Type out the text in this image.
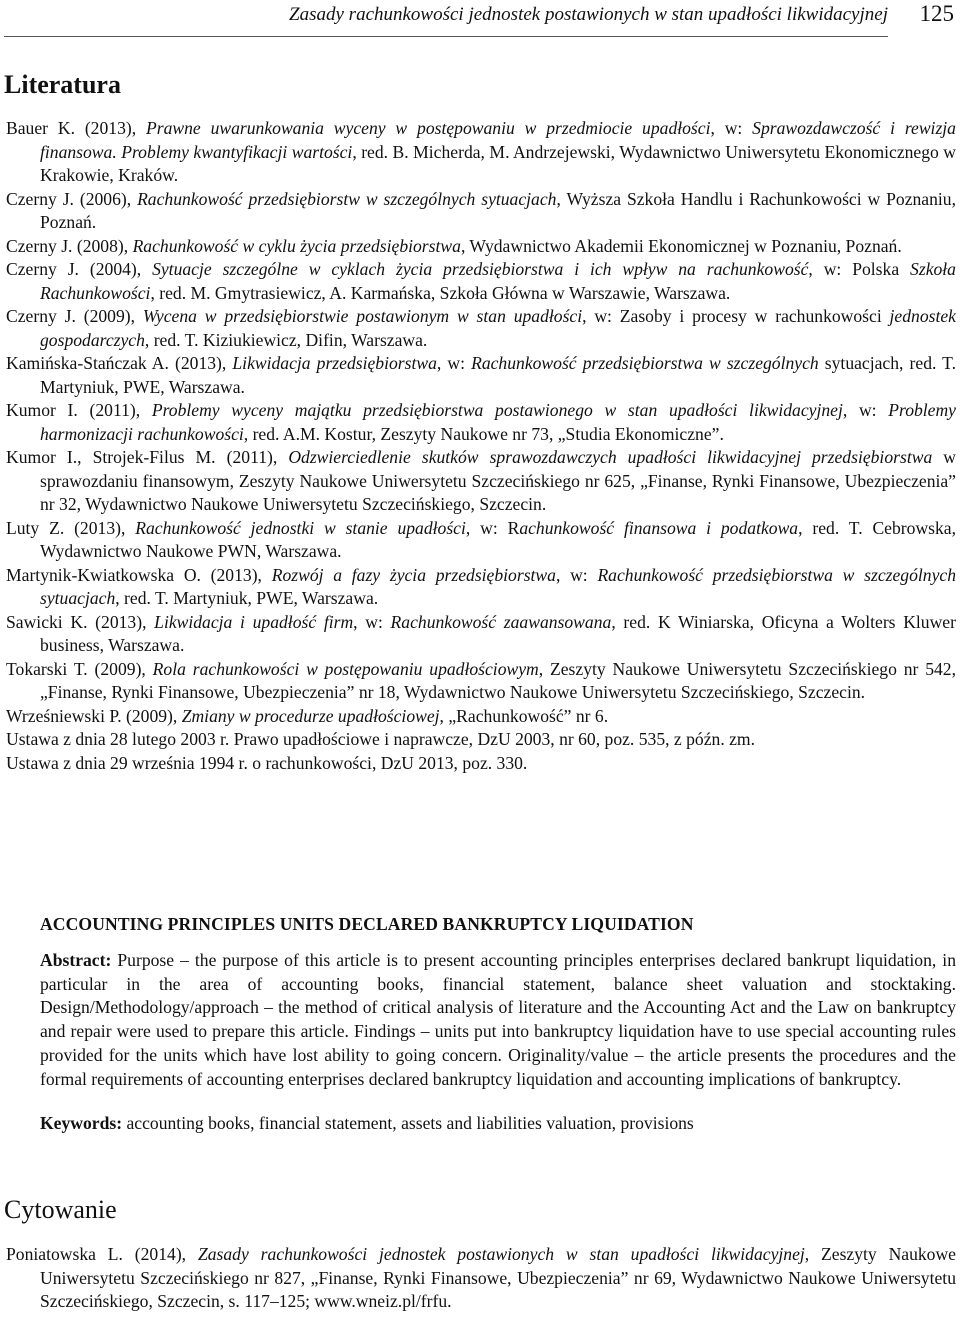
Zasady rachunkowości jednostek postawionych w stan upadłości likwidacyjnej 125
Literatura
Bauer K. (2013), Prawne uwarunkowania wyceny w postępowaniu w przedmiocie upadłości, w: Sprawozdawczość i rewizja finansowa. Problemy kwantyfikacji wartości, red. B. Micherda, M. Andrzejewski, Wydawnictwo Uniwersytetu Ekonomicznego w Krakowie, Kraków.
Czerny J. (2006), Rachunkowość przedsiębiorstw w szczególnych sytuacjach, Wyższa Szkoła Handlu i Rachunkowości w Poznaniu, Poznań.
Czerny J. (2008), Rachunkowość w cyklu życia przedsiębiorstwa, Wydawnictwo Akademii Ekonomicznej w Poznaniu, Poznań.
Czerny J. (2004), Sytuacje szczególne w cyklach życia przedsiębiorstwa i ich wpływ na rachunkowość, w: Polska Szkoła Rachunkowości, red. M. Gmytrasiewicz, A. Karmańska, Szkoła Główna w Warszawie, Warszawa.
Czerny J. (2009), Wycena w przedsiębiorstwie postawionym w stan upadłości, w: Zasoby i procesy w rachunkowości jednostek gospodarczych, red. T. Kiziukiewicz, Difin, Warszawa.
Kamińska-Stańczak A. (2013), Likwidacja przedsiębiorstwa, w: Rachunkowość przedsiębiorstwa w szczególnych sytuacjach, red. T. Martyniuk, PWE, Warszawa.
Kumor I. (2011), Problemy wyceny majątku przedsiębiorstwa postawionego w stan upadłości likwidacyjnej, w: Problemy harmonizacji rachunkowości, red. A.M. Kostur, Zeszyty Naukowe nr 73, „Studia Ekonomiczne”.
Kumor I., Strojek-Filus M. (2011), Odzwierciedlenie skutków sprawozdawczych upadłości likwidacyjnej przedsiębiorstwa w sprawozdaniu finansowym, Zeszyty Naukowe Uniwersytetu Szczecińskiego nr 625, „Finanse, Rynki Finansowe, Ubezpieczenia” nr 32, Wydawnictwo Naukowe Uniwersytetu Szczecińskiego, Szczecin.
Luty Z. (2013), Rachunkowość jednostki w stanie upadłości, w: Rachunkowość finansowa i podatkowa, red. T. Cebrowska, Wydawnictwo Naukowe PWN, Warszawa.
Martynik-Kwiatkowska O. (2013), Rozwój a fazy życia przedsiębiorstwa, w: Rachunkowość przedsiębiorstwa w szczególnych sytuacjach, red. T. Martyniuk, PWE, Warszawa.
Sawicki K. (2013), Likwidacja i upadłość firm, w: Rachunkowość zaawansowana, red. K Winiarska, Oficyna a Wolters Kluwer business, Warszawa.
Tokarski T. (2009), Rola rachunkowości w postępowaniu upadłościowym, Zeszyty Naukowe Uniwersytetu Szczecińskiego nr 542, „Finanse, Rynki Finansowe, Ubezpieczenia” nr 18, Wydawnictwo Naukowe Uniwersytetu Szczecińskiego, Szczecin.
Wrześniewski P. (2009), Zmiany w procedurze upadłościowej, „Rachunkowość” nr 6.
Ustawa z dnia 28 lutego 2003 r. Prawo upadłościowe i naprawcze, DzU 2003, nr 60, poz. 535, z późn. zm.
Ustawa z dnia 29 września 1994 r. o rachunkowości, DzU 2013, poz. 330.

ACCOUNTING PRINCIPLES UNITS DECLARED BANKRUPTCY LIQUIDATION

Abstract: Purpose – the purpose of this article is to present accounting principles enterprises declared bankrupt liquidation, in particular in the area of accounting books, financial statement, balance sheet valuation and stocktaking. Design/Methodology/approach – the method of critical analysis of literature and the Accounting Act and the Law on bankruptcy and repair were used to prepare this article. Findings – units put into bankruptcy liquidation have to use special accounting rules provided for the units which have lost ability to going concern. Originality/value – the article presents the procedures and the formal requirements of accounting enterprises declared bankruptcy liquidation and accounting implications of bankruptcy.

Keywords: accounting books, financial statement, assets and liabilities valuation, provisions

Cytowanie
Poniatowska L. (2014), Zasady rachunkowości jednostek postawionych w stan upadłości likwidacyjnej, Zeszyty Naukowe Uniwersytetu Szczecińskiego nr 827, „Finanse, Rynki Finansowe, Ubezpieczenia” nr 69, Wydawnictwo Naukowe Uniwersytetu Szczecińskiego, Szczecin, s. 117–125; www.wneiz.pl/frfu.
